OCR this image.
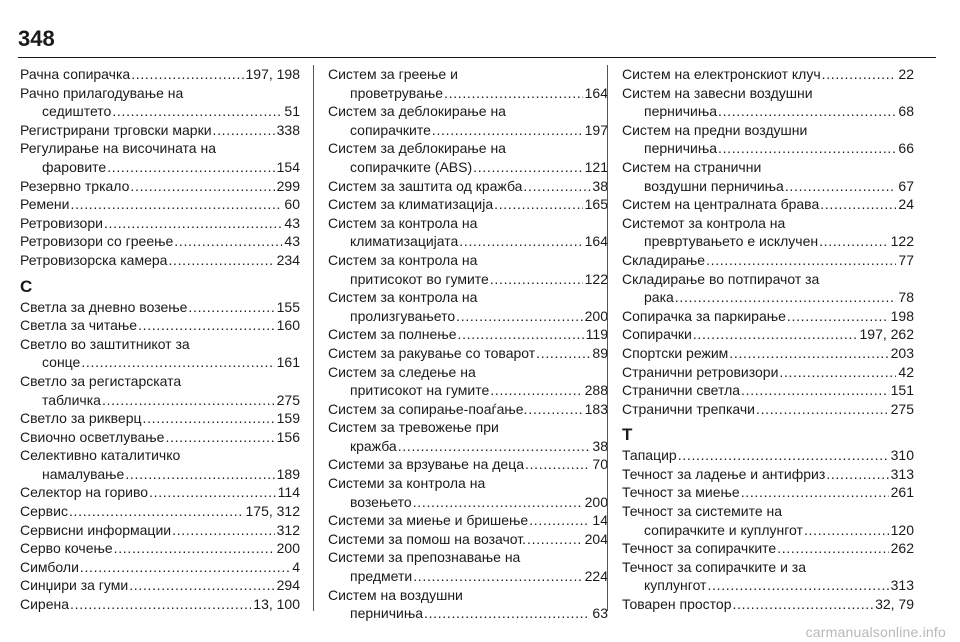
348
Рачна сопирачка . . .	197, 198
Рачно прилагодување на
седиштето . . .	51
Регистрирани трговски марки . . .	338
Регулирање на височината на
фаровите . . .	154
Резервно тркало . . .	299
Ремени . . .	60
Ретровизори . . .	43
Ретровизори со греење . . .	43
Ретровизорска камера . . .	234
С
Светла за дневно возење . . .	155
Светла за читање . . .	160
Светло во заштитникот за
сонце . . .	161
Светло за регистарската
табличка . . .	275
Светло за рикверц . . .	159
Свиочно осветлување . . .	156
Селективно каталитичко
намалување . . .	189
Селектор на гориво . . .	114
Сервис . . .	175, 312
Сервисни информации . . .	312
Серво кочење . . .	200
Симболи . . .	4
Синџири за гуми . . .	294
Сирена . . .	13, 100
Систем за греење и
проветрување . . .	164
Систем за деблокирање на
сопирачките . . .	197
Систем за деблокирање на
сопирачките (ABS) . . .	121
Систем за заштита од кражба . . .	38
Систем за климатизација . . .	165
Систем за контрола на
климатизацијата . . .	164
Систем за контрола на
притисокот во гумите . . .	122
Систем за контрола на
пролизгувањето . . .	200
Систем за полнење . . .	119
Систем за ракување со товарот . . .	89
Систем за следење на
притисокот на гумите . . .	288
Систем за сопирање-поаѓање. . . .	183
Систем за тревожење при
кражба . . .	38
Системи за врзување на деца . . .	70
Системи за контрола на
возењето . . .	200
Системи за миење и бришење . . .	14
Системи за помош на возачот. . . .	204
Системи за препознавање на
предмети . . .	224
Систем на воздушни
перничиња . . .	63
Систем на електронскиот клуч . . .	22
Систем на завесни воздушни
перничиња . . .	68
Систем на предни воздушни
перничиња . . .	66
Систем на странични
воздушни перничиња . . .	67
Систем на централната брава . . .	24
Системот за контрола на
превртувањето е исклучен . . .	122
Складирање . . .	77
Складирање во потпирачот за
рака . . .	78
Сопирачка за паркирање . . .	198
Сопирачки . . .	197, 262
Спортски режим . . .	203
Странични ретровизори . . .	42
Странични светла . . .	151
Странични трепкачи . . .	275
Т
Тапацир . . .	310
Течност за ладење и антифриз . . .	313
Течност за миење . . .	261
Течност за системите на
сопирачките и куплунгот . . .	120
Течност за сопирачките . . .	262
Течност за сопирачките и за
куплунгот . . .	313
Товарен простор . . .	32, 79
carmanualsonline.info
